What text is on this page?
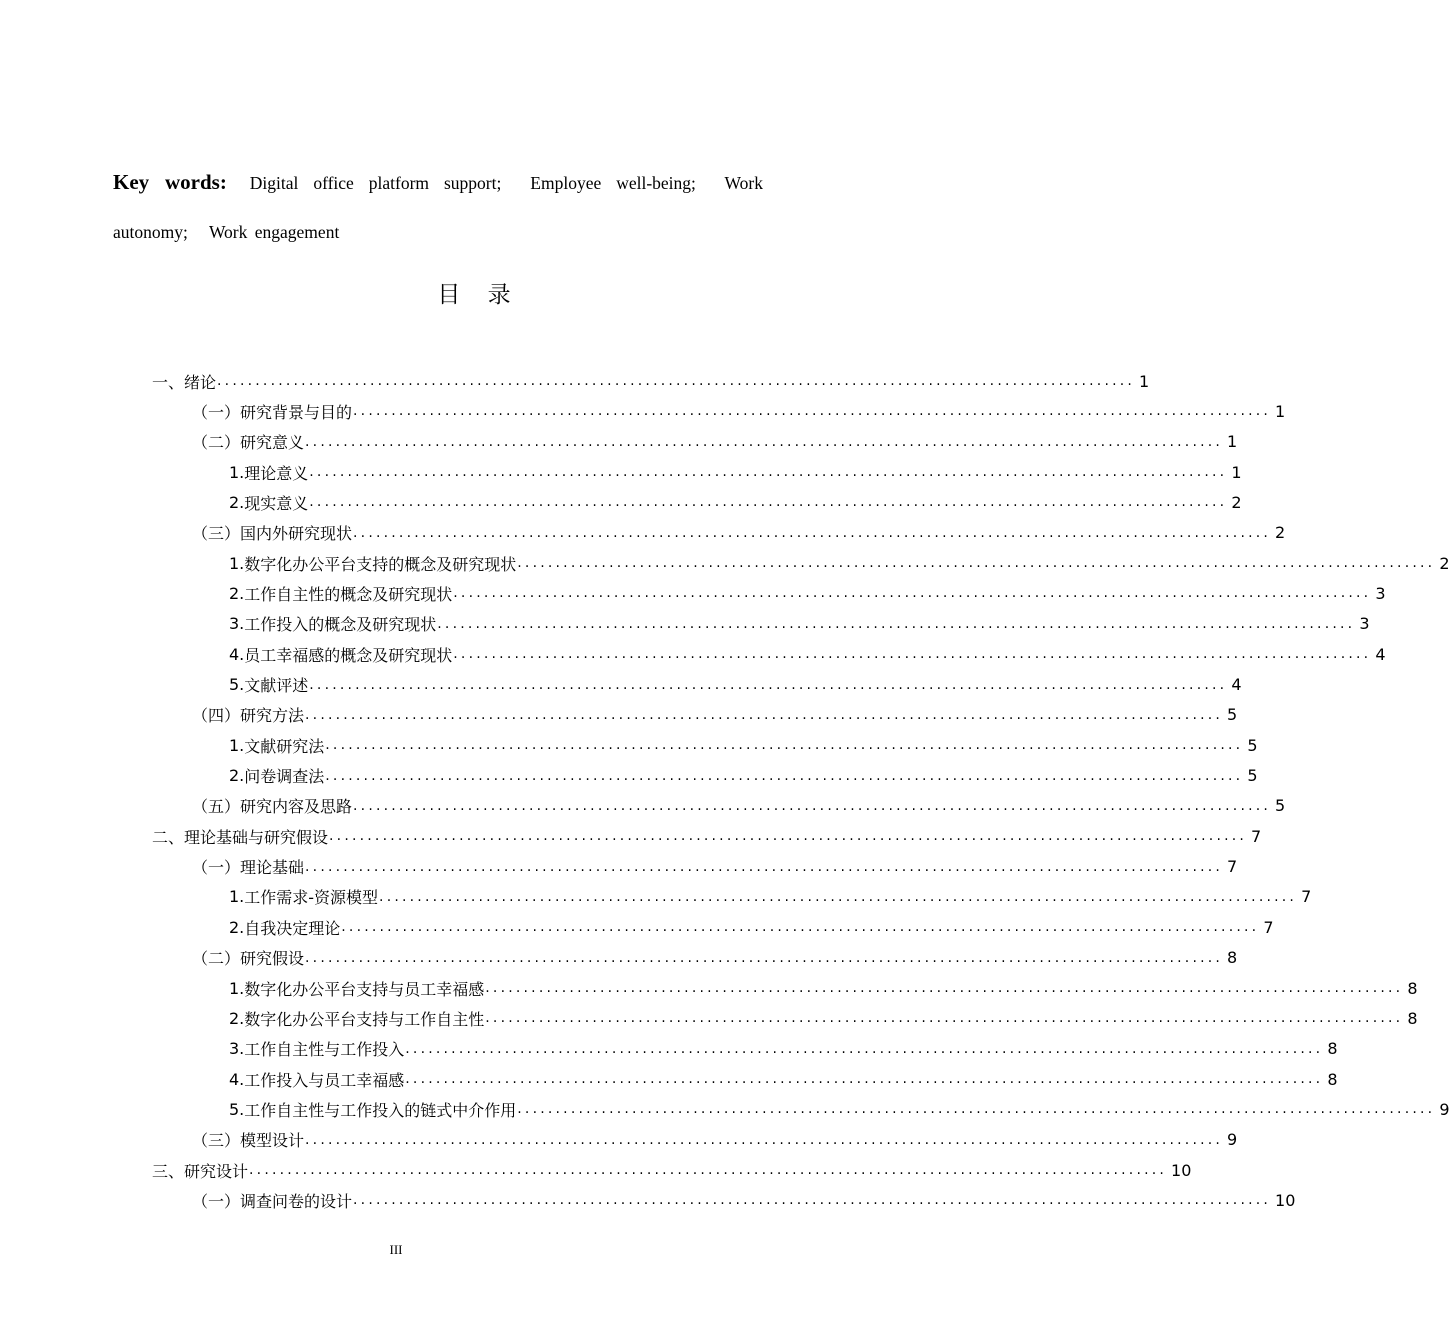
Key words: Digital office platform support; Employee well-being; Work autonomy; Work engagement

目 录
一、绪论 ........................................................................................................................ 1
（一）研究背景与目的 ........................................................................................................................ 1
（二）研究意义 ........................................................................................................................ 1
1. 理论意义 ........................................................................................................................ 1
2. 现实意义 ........................................................................................................................ 2
（三）国内外研究现状 ........................................................................................................................ 2
1. 数字化办公平台支持的概念及研究现状 ........................................................................................................................ 2
2. 工作自主性的概念及研究现状 ........................................................................................................................ 3
3. 工作投入的概念及研究现状 ........................................................................................................................ 3
4. 员工幸福感的概念及研究现状 ........................................................................................................................ 4
5. 文献评述 ........................................................................................................................ 4
（四）研究方法 ........................................................................................................................ 5
1. 文献研究法 ........................................................................................................................ 5
2. 问卷调查法 ........................................................................................................................ 5
（五）研究内容及思路 ........................................................................................................................ 5
二、理论基础与研究假设 ........................................................................................................................ 7
（一）理论基础 ........................................................................................................................ 7
1. 工作需求-资源模型 ........................................................................................................................ 7
2. 自我决定理论 ........................................................................................................................ 7
（二）研究假设 ........................................................................................................................ 8
1. 数字化办公平台支持与员工幸福感 ........................................................................................................................ 8
2. 数字化办公平台支持与工作自主性 ........................................................................................................................ 8
3. 工作自主性与工作投入 ........................................................................................................................ 8
4. 工作投入与员工幸福感 ........................................................................................................................ 8
5. 工作自主性与工作投入的链式中介作用 ........................................................................................................................ 9
（三）模型设计 ........................................................................................................................ 9
三、研究设计 ........................................................................................................................ 10
（一）调查问卷的设计 ........................................................................................................................ 10
III
